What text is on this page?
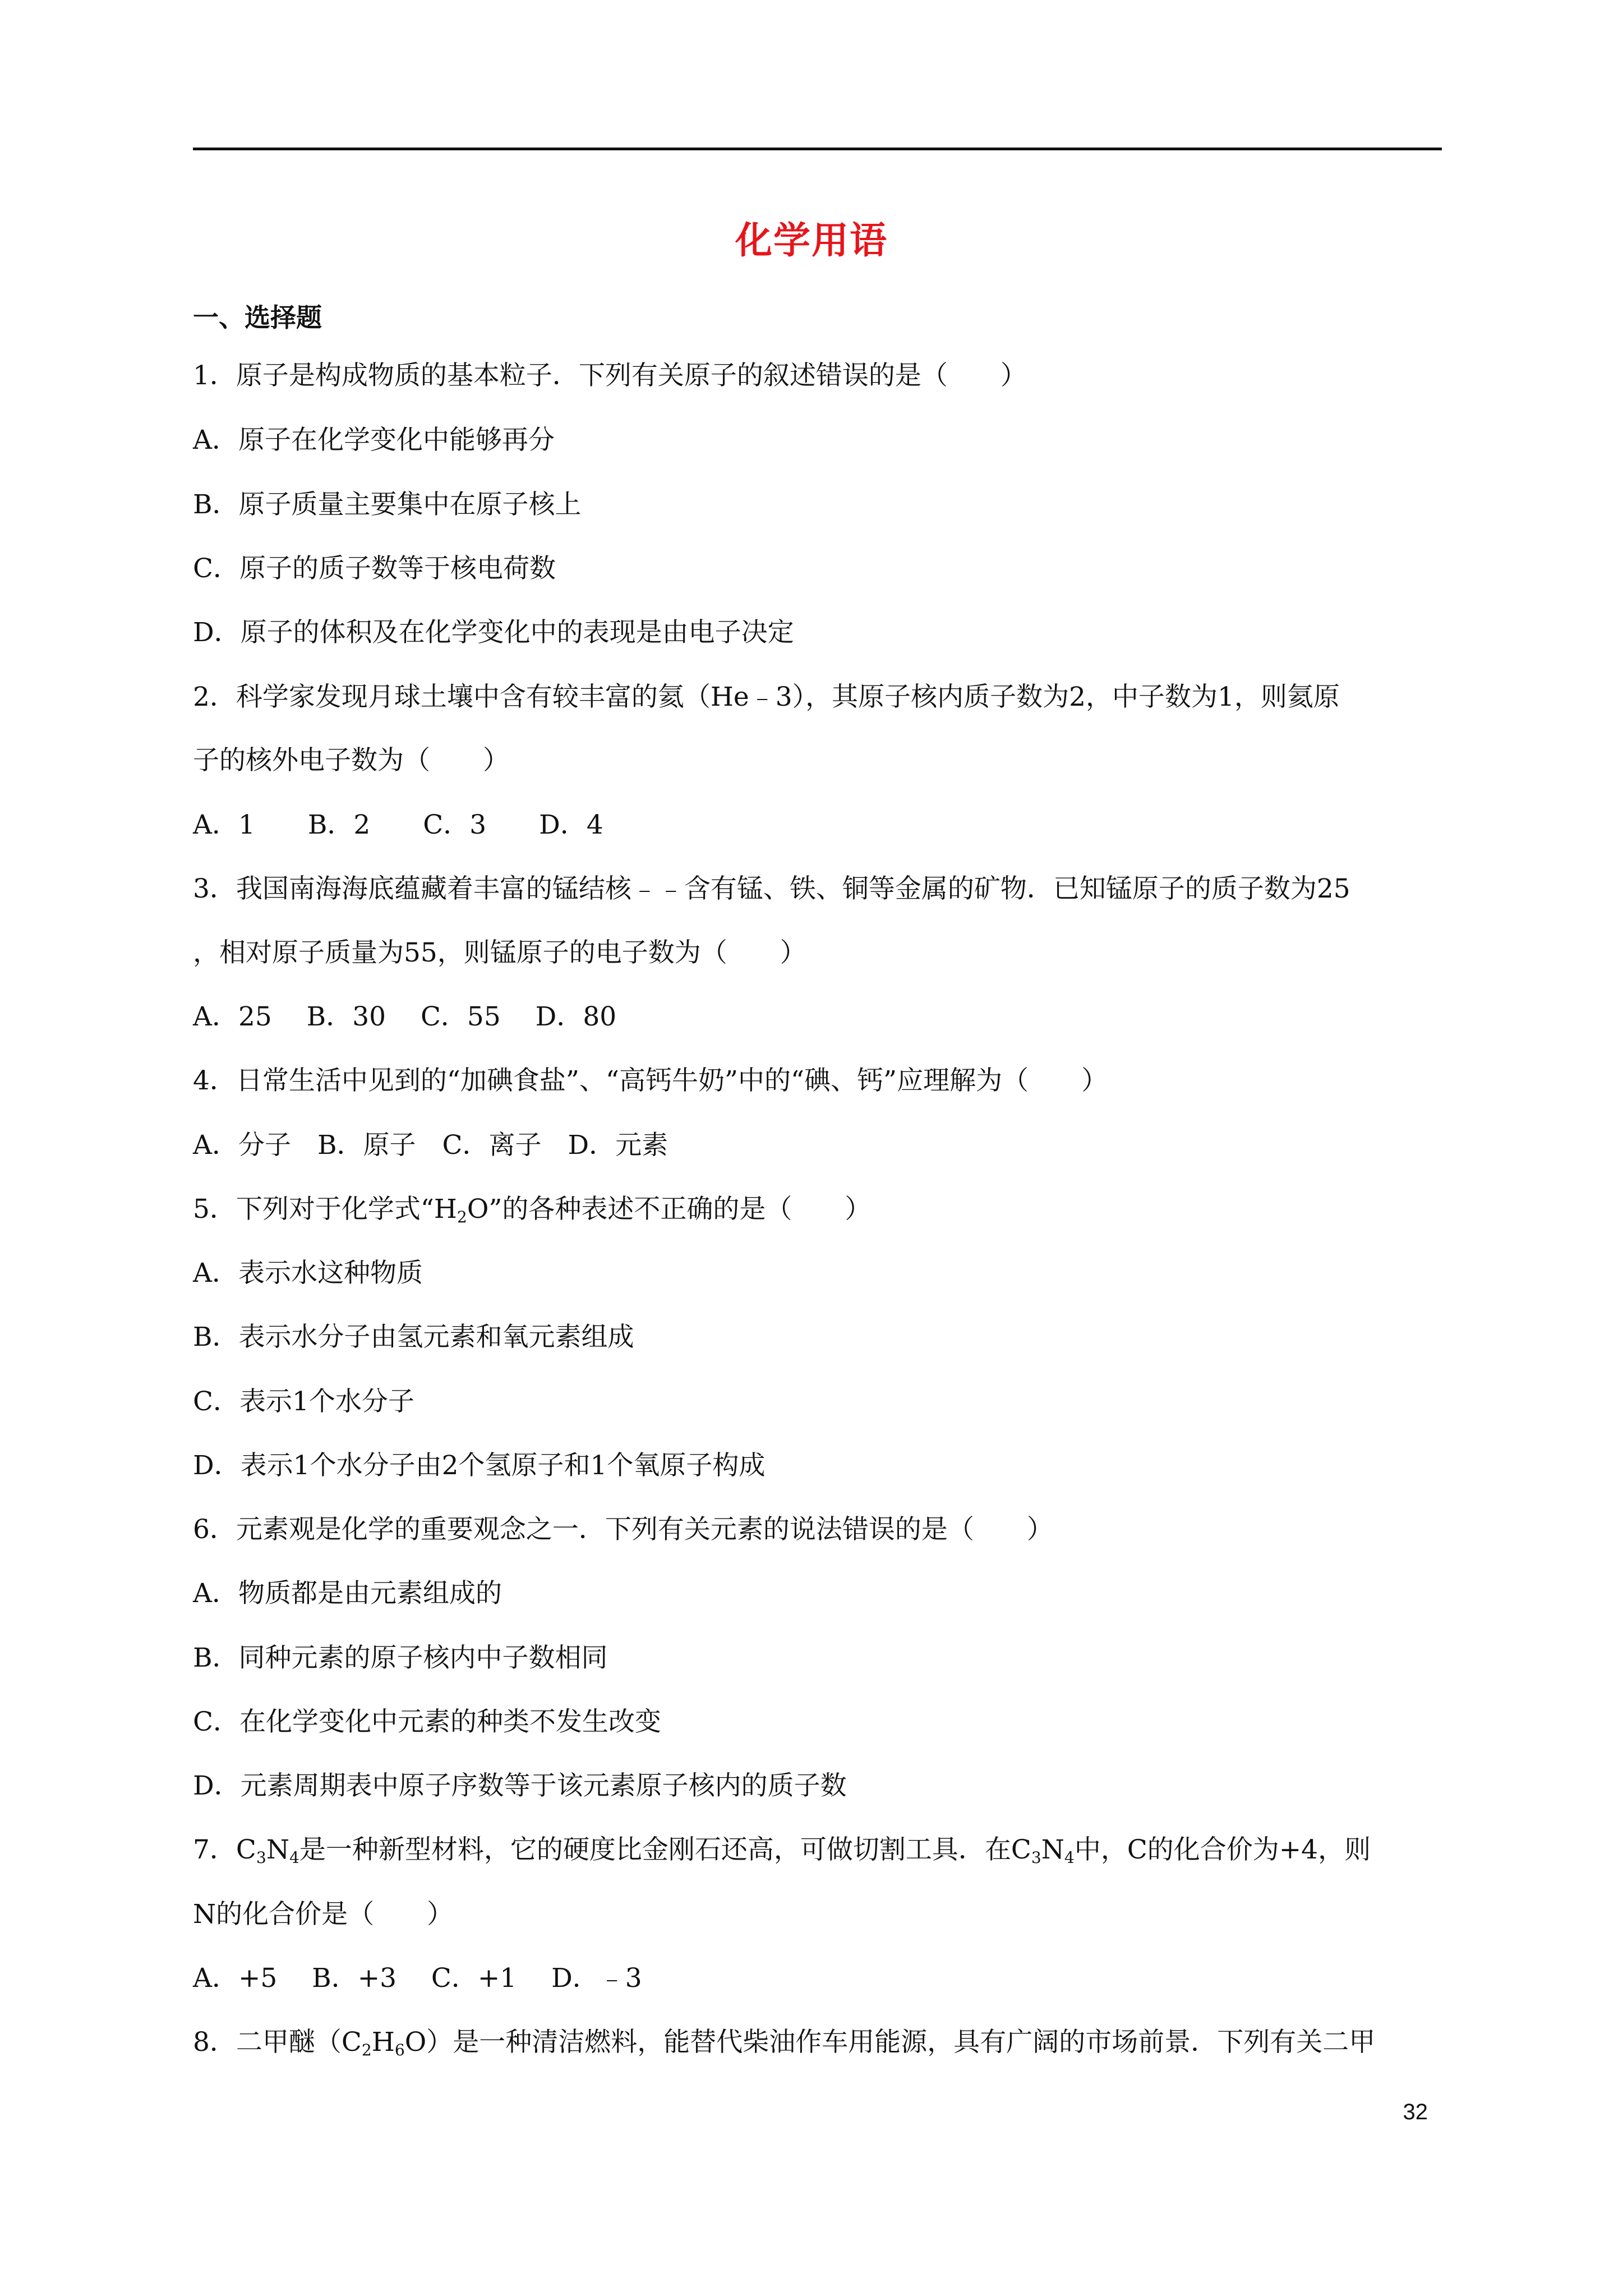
化学用语
一、选择题
1．原子是构成物质的基本粒子．下列有关原子的叙述错误的是（　　）
A．原子在化学变化中能够再分
B．原子质量主要集中在原子核上
C．原子的质子数等于核电荷数
D．原子的体积及在化学变化中的表现是由电子决定
2．科学家发现月球土壤中含有较丰富的氦（He﹣3），其原子核内质子数为2，中子数为1，则氦原
子的核外电子数为（　　）
A．1　　B．2　　C．3　　D．4
3．我国南海海底蕴藏着丰富的锰结核﹣﹣含有锰、铁、铜等金属的矿物．已知锰原子的质子数为25
，相对原子质量为55，则锰原子的电子数为（　　）
A．25　 B．30　 C．55　 D．80
4．日常生活中见到的“加碘食盐”、“高钙牛奶”中的“碘、钙”应理解为（　　）
A．分子　B．原子　C．离子　D．元素
5．下列对于化学式“$H_2O$”的各种表述不正确的是（　　）
A．表示水这种物质
B．表示水分子由氢元素和氧元素组成
C．表示1个水分子
D．表示1个水分子由2个氢原子和1个氧原子构成
6．元素观是化学的重要观念之一．下列有关元素的说法错误的是（　　）
A．物质都是由元素组成的
B．同种元素的原子核内中子数相同
C．在化学变化中元素的种类不发生改变
D．元素周期表中原子序数等于该元素原子核内的质子数
7．$C_3N_4$是一种新型材料，它的硬度比金刚石还高，可做切割工具．在$C_3N_4$中，C的化合价为+4，则
N的化合价是（　　）
A．+5　 B．+3　 C．+1　 D．﹣3
8．二甲醚$(C_2H_6O)$是一种清洁燃料，能替代柴油作车用能源，具有广阔的市场前景．下列有关二甲
32
